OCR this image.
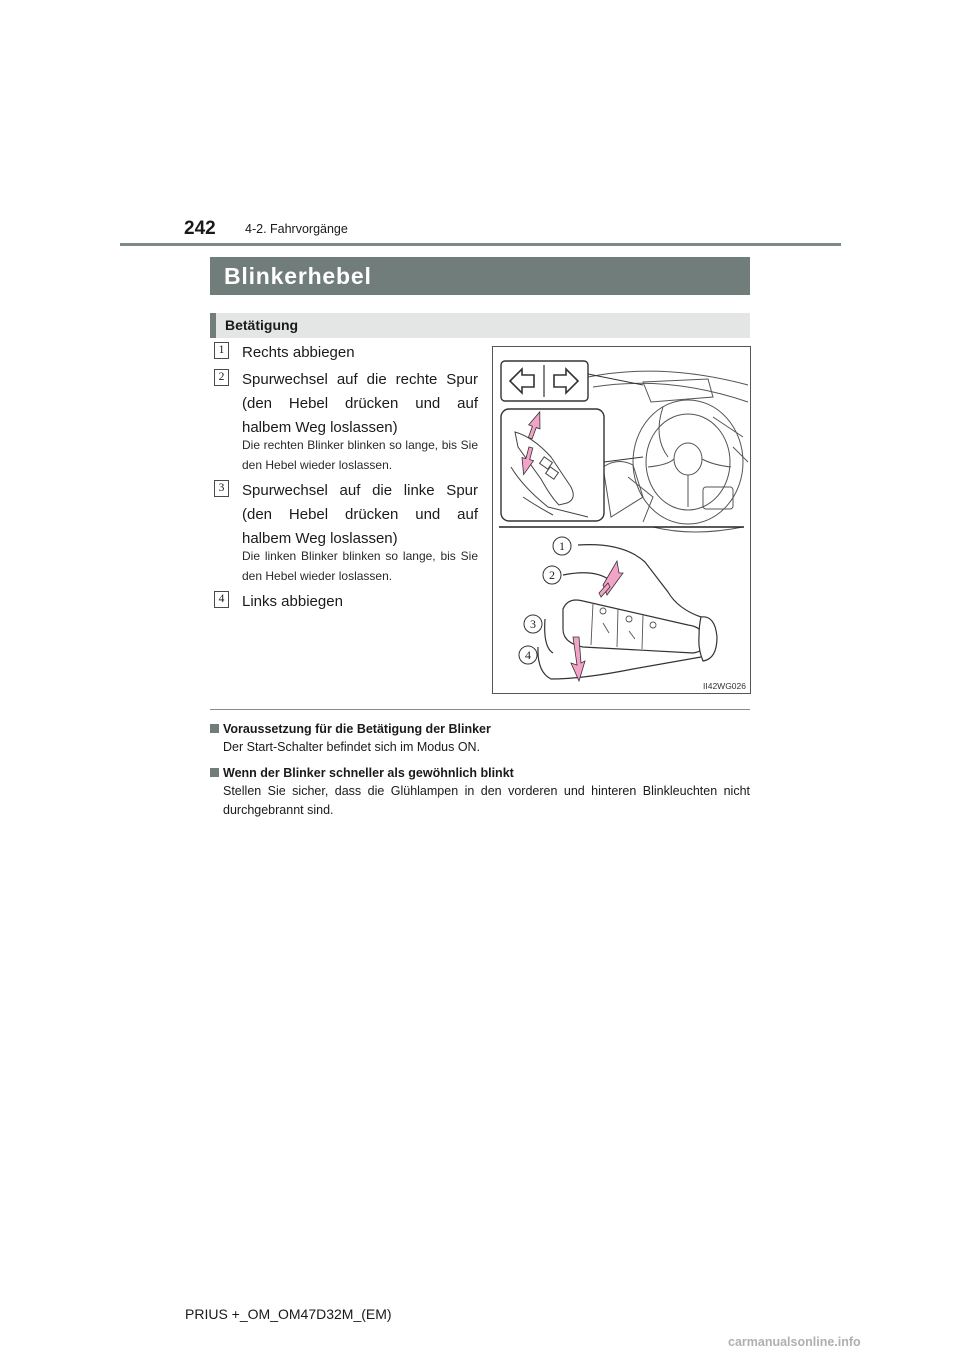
242 4-2. Fahrvorgänge
Blinkerhebel
Betätigung
1	Rechts abbiegen
2	Spurwechsel auf die rechte Spur (den Hebel drücken und auf halbem Weg loslassen)
Die rechten Blinker blinken so lange, bis Sie den Hebel wieder loslassen.
3	Spurwechsel auf die linke Spur (den Hebel drücken und auf halbem Weg loslassen)
Die linken Blinker blinken so lange, bis Sie den Hebel wieder loslassen.
4	Links abbiegen
1
2
3
4
II42WG026
Voraussetzung für die Betätigung der Blinker
Der Start-Schalter befindet sich im Modus ON.
Wenn der Blinker schneller als gewöhnlich blinkt
Stellen Sie sicher, dass die Glühlampen in den vorderen und hinteren Blinkleuchten nicht durchgebrannt sind.
PRIUS +_OM_OM47D32M_(EM)
carmanualsonline.info
